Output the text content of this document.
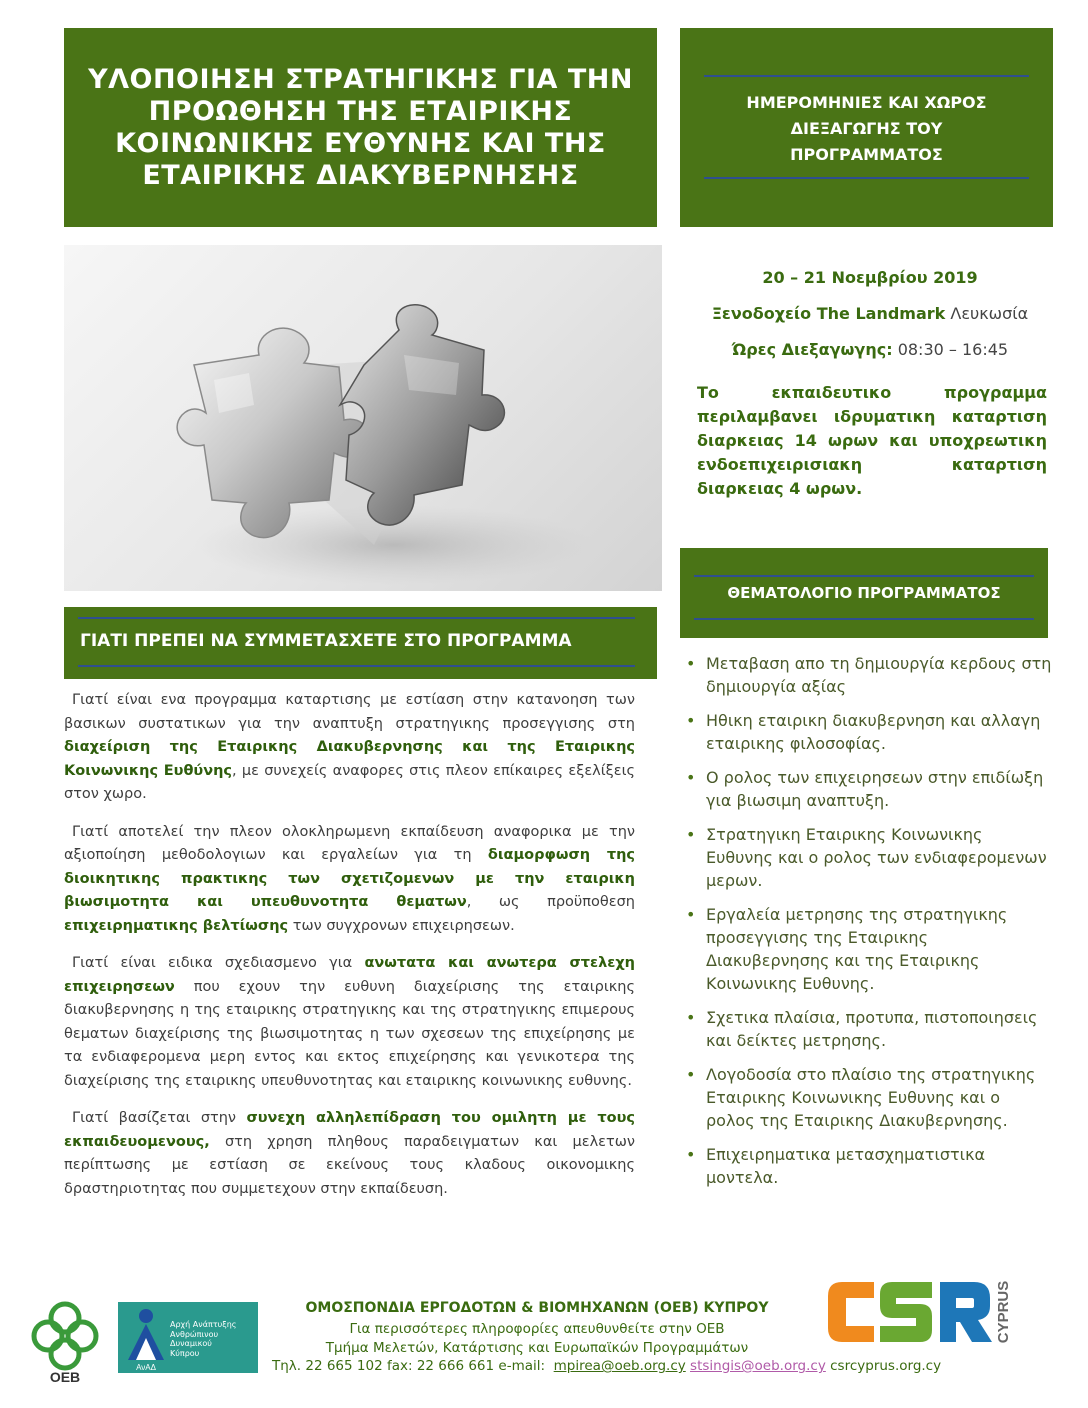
ΥΛΟΠΟΙΗΣΗ ΣΤΡΑΤΗΓΙΚΗΣ ΓΙΑ ΤΗΝ
ΠΡΟΩΘΗΣΗ ΤΗΣ ΕΤΑΙΡΙΚΗΣ
ΚΟΙΝΩΝΙΚΗΣ ΕΥΘΥΝΗΣ ΚΑΙ ΤΗΣ
ΕΤΑΙΡΙΚΗΣ ΔΙΑΚΥΒΕΡΝΗΣΗΣ
ΗΜΕΡΟΜΗΝΙΕΣ ΚΑΙ ΧΩΡΟΣ
ΔΙΕΞΑΓΩΓΗΣ ΤΟΥ
ΠΡΟΓΡΑΜΜΑΤΟΣ
20 – 21 Νοεμβρίου 2019
Ξενοδοχείο The Landmark Λευκωσία
Ώρες Διεξαγωγης: 08:30 – 16:45
Το εκπαιδευτικο προγραμμα περιλαμβανει ιδρυματικη καταρτιση διαρκειας 14 ωρων και υποχρεωτικη ενδοεπιχειρισιακη καταρτιση διαρκειας 4 ωρων.
ΘΕΜΑΤΟΛΟΓΙΟ ΠΡΟΓΡΑΜΜΑΤΟΣ
• Μεταβαση απο τη δημιουργία κερδους στη δημιουργία αξίας
• Ηθικη εταιρικη διακυβερνηση και αλλαγη εταιρικης φιλοσοφίας.
• Ο ρολος των επιχειρησεων στην επιδίωξη για βιωσιμη αναπτυξη.
• Στρατηγικη Εταιρικης Κοινωνικης Ευθυνης και ο ρολος των ενδιαφερομενων μερων.
• Εργαλεία μετρησης της στρατηγικης προσεγγισης της Εταιρικης Διακυβερνησης και της Εταιρικης Κοινωνικης Ευθυνης.
• Σχετικα πλαίσια, προτυπα, πιστοποιησεις και δείκτες μετρησης.
• Λογοδοσία στο πλαίσιο της στρατηγικης Εταιρικης Κοινωνικης Ευθυνης και ο ρολος της Εταιρικης Διακυβερνησης.
• Επιχειρηματικα μετασχηματιστικα μοντελα.
ΓΙΑΤΙ ΠΡΕΠΕΙ ΝΑ ΣΥΜΜΕΤΑΣΧΕΤΕ ΣΤΟ ΠΡΟΓΡΑΜΜΑ

Γιατί είναι ενα προγραμμα καταρτισης με εστίαση στην κατανοηση των βασικων συστατικων για την αναπτυξη στρατηγικης προσεγγισης στη διαχείριση της Εταιρικης Διακυβερνησης και της Εταιρικης Κοινωνικης Ευθύνης, με συνεχείς αναφορες στις πλεον επίκαιρες εξελίξεις στον χωρο.

Γιατί αποτελεί την πλεον ολοκληρωμενη εκπαίδευση αναφορικα με την αξιοποίηση μεθοδολογιων και εργαλείων για τη διαμορφωση της διοικητικης πρακτικης των σχετιζομενων με την εταιρικη βιωσιμοτητα και υπευθυνοτητα θεματων, ως προϋποθεση επιχειρηματικης βελτίωσης των συγχρονων επιχειρησεων.

Γιατί είναι ειδικα σχεδιασμενο για ανωτατα και ανωτερα στελεχη επιχειρησεων που εχουν την ευθυνη διαχείρισης της εταιρικης διακυβερνησης η της εταιρικης στρατηγικης και της στρατηγικης επιμερους θεματων διαχείρισης της βιωσιμοτητας η των σχεσεων της επιχείρησης με τα ενδιαφερομενα μερη εντος και εκτος επιχείρησης και γενικοτερα της διαχείρισης της εταιρικης υπευθυνοτητας και εταιρικης κοινωνικης ευθυνης.

Γιατί βασίζεται στην συνεχη αλληλεπίδραση του ομιλητη με τους εκπαιδευομενους, στη χρηση πληθους παραδειγματων και μελετων περίπτωσης με εστίαση σε εκείνους τους κλαδους οικονομικης δραστηριοτητας που συμμετεχουν στην εκπαίδευση.

ΟΕΒ
ΑνΑΔ
Αρχή Ανάπτυξης
Ανθρώπινου
Δυναμικού
Κύπρου
ΟΜΟΣΠΟΝΔΙΑ ΕΡΓΟΔΟΤΩΝ & ΒΙΟΜΗΧΑΝΩΝ (ΟΕΒ) ΚΥΠΡΟΥ
Για περισσότερες πληροφορίες απευθυνθείτε στην ΟΕΒ
Τμήμα Μελετών, Κατάρτισης και Ευρωπαϊκών Προγραμμάτων
Τηλ. 22 665 102 fax: 22 666 661 e-mail: mpirea@oeb.org.cy stsingis@oeb.org.cy csrcyprus.org.cy
CYPRUS
